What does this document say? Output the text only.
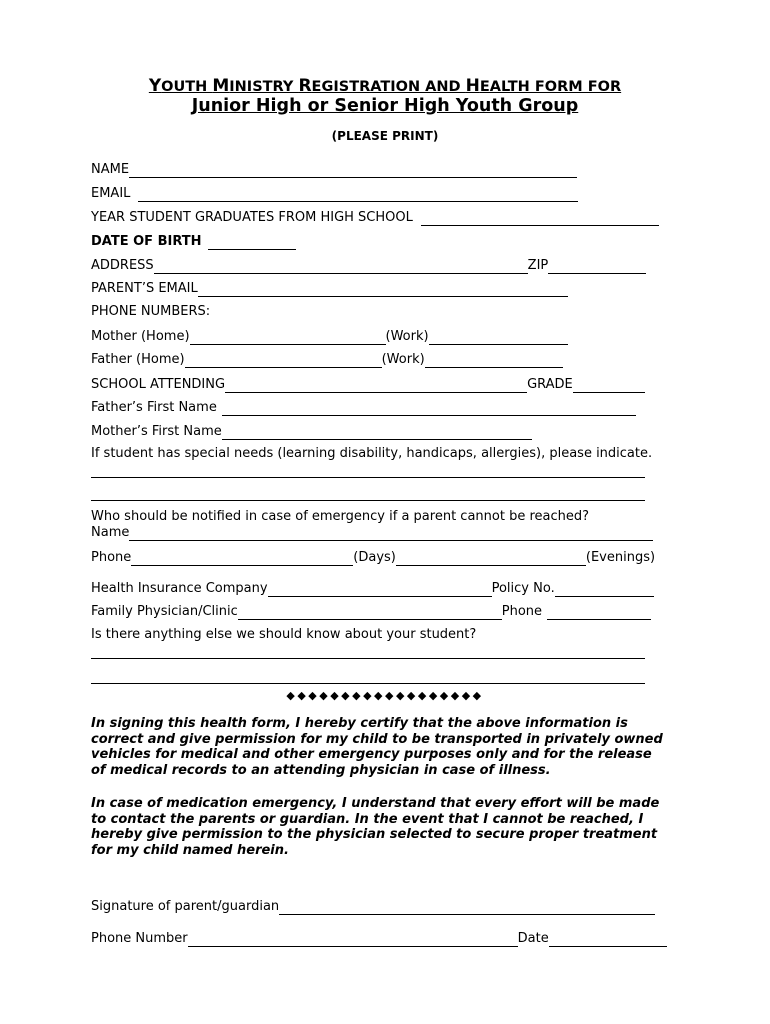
YOUTH MINISTRY REGISTRATION AND HEALTH FORM FOR
Junior High or Senior High Youth Group
(PLEASE PRINT)
NAME
EMAIL
YEAR STUDENT GRADUATES FROM HIGH SCHOOL
DATE OF BIRTH
ADDRESS	ZIP
PARENT’S EMAIL
PHONE NUMBERS:
Mother (Home)	(Work)
Father (Home)	(Work)
SCHOOL ATTENDING	GRADE
Father’s First Name
Mother’s First Name
If student has special needs (learning disability, handicaps, allergies), please indicate.
Who should be notified in case of emergency if a parent cannot be reached?
Name
Phone	(Days)	(Evenings)
Health Insurance Company	Policy No.
Family Physician/Clinic	Phone
Is there anything else we should know about your student?
◆◆◆◆◆◆◆◆◆◆◆◆◆◆◆◆◆◆
In signing this health form, I hereby certify that the above information is
correct and give permission for my child to be transported in privately owned
vehicles for medical and other emergency purposes only and for the release
of medical records to an attending physician in case of illness.
In case of medication emergency, I understand that every effort will be made
to contact the parents or guardian. In the event that I cannot be reached, I
hereby give permission to the physician selected to secure proper treatment
for my child named herein.
Signature of parent/guardian
Phone Number	Date
